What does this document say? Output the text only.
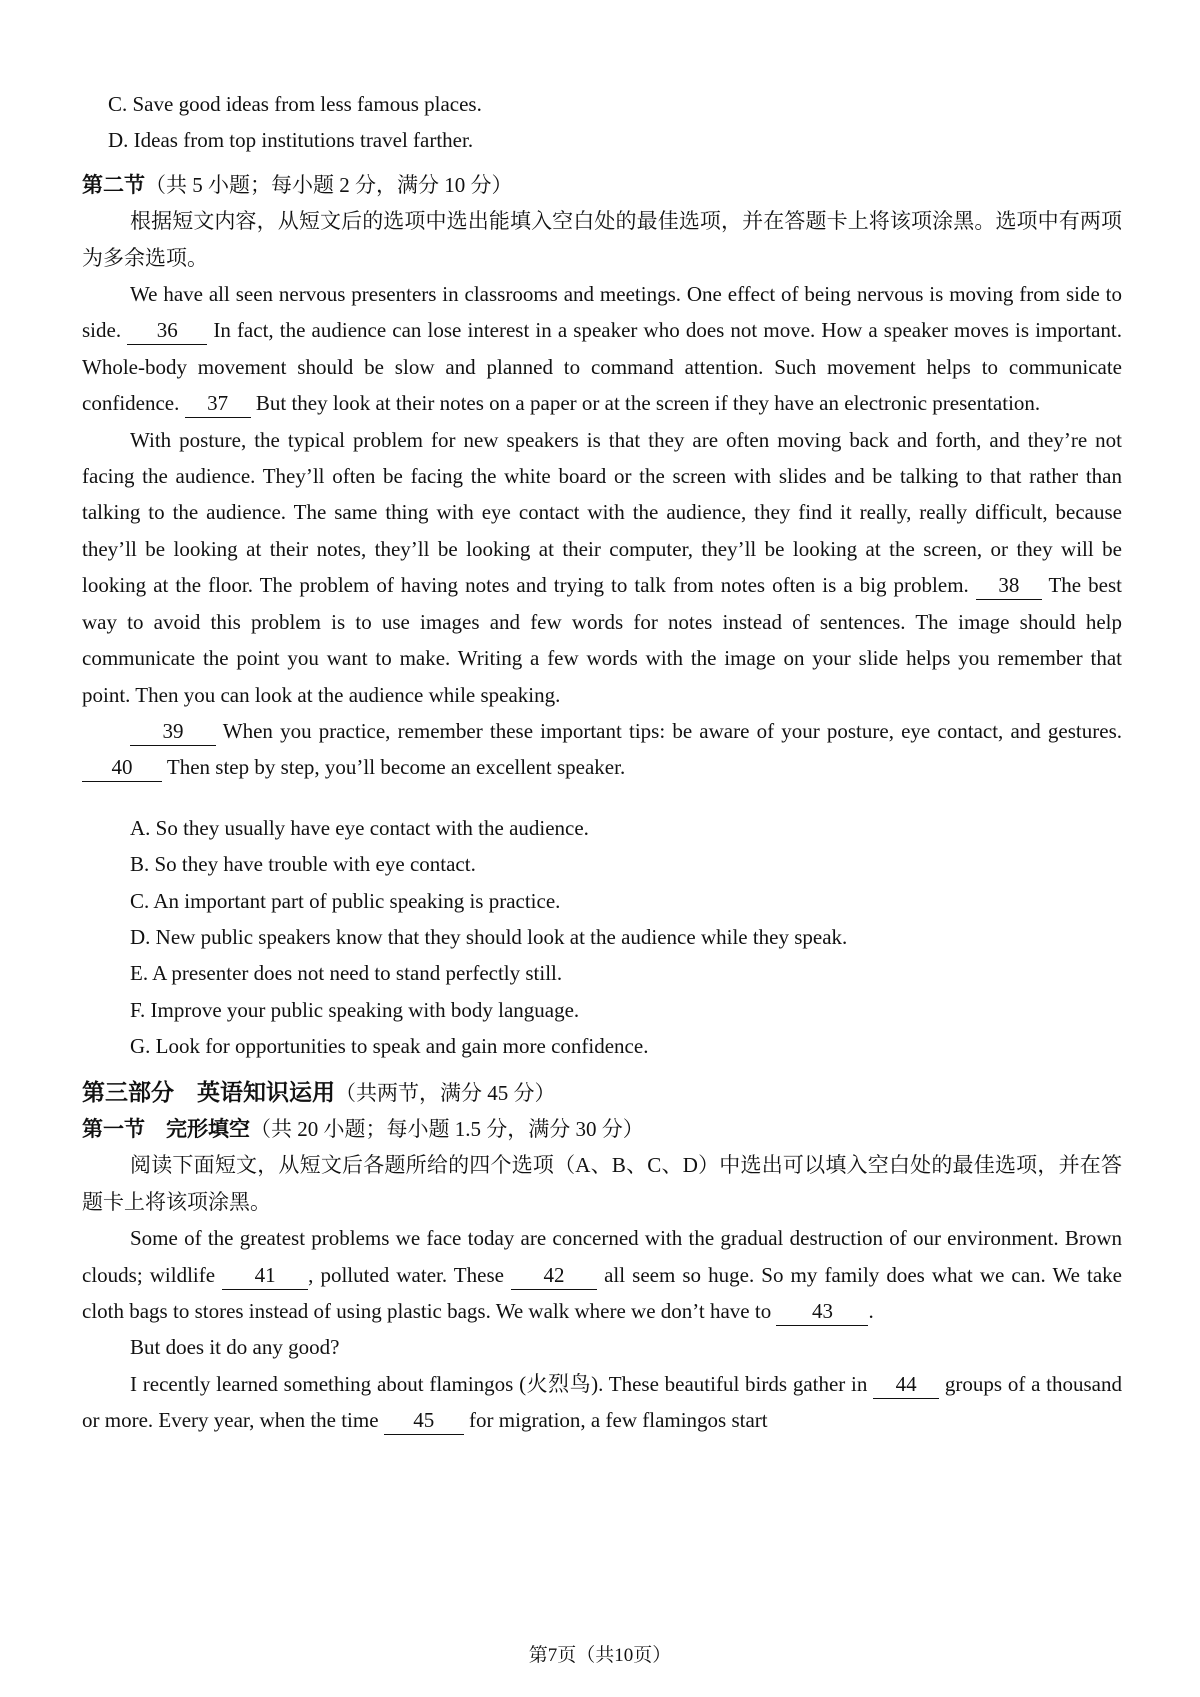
C. Save good ideas from less famous places.
D. Ideas from top institutions travel farther.
第二节（共 5 小题；每小题 2 分，满分 10 分）

根据短文内容，从短文后的选项中选出能填入空白处的最佳选项，并在答题卡上将该项涂黑。选项中有两项为多余选项。

We have all seen nervous presenters in classrooms and meetings. One effect of being nervous is moving from side to side. 36 In fact, the audience can lose interest in a speaker who does not move. How a speaker moves is important. Whole-body movement should be slow and planned to command attention. Such movement helps to communicate confidence. 37 But they look at their notes on a paper or at the screen if they have an electronic presentation.

With posture, the typical problem for new speakers is that they are often moving back and forth, and they’re not facing the audience. They’ll often be facing the white board or the screen with slides and be talking to that rather than talking to the audience. The same thing with eye contact with the audience, they find it really, really difficult, because they’ll be looking at their notes, they’ll be looking at their computer, they’ll be looking at the screen, or they will be looking at the floor. The problem of having notes and trying to talk from notes often is a big problem. 38 The best way to avoid this problem is to use images and few words for notes instead of sentences. The image should help communicate the point you want to make. Writing a few words with the image on your slide helps you remember that point. Then you can look at the audience while speaking.

39 When you practice, remember these important tips: be aware of your posture, eye contact, and gestures. 40 Then step by step, you’ll become an excellent speaker.

A. So they usually have eye contact with the audience.
B. So they have trouble with eye contact.
C. An important part of public speaking is practice.
D. New public speakers know that they should look at the audience while they speak.
E. A presenter does not need to stand perfectly still.
F. Improve your public speaking with body language.
G. Look for opportunities to speak and gain more confidence.
第三部分　英语知识运用（共两节，满分 45 分）
第一节　完形填空（共 20 小题；每小题 1.5 分，满分 30 分）

阅读下面短文，从短文后各题所给的四个选项（A、B、C、D）中选出可以填入空白处的最佳选项，并在答题卡上将该项涂黑。

Some of the greatest problems we face today are concerned with the gradual destruction of our environment. Brown clouds; wildlife 41 , polluted water. These 42 all seem so huge. So my family does what we can. We take cloth bags to stores instead of using plastic bags. We walk where we don’t have to 43 .

But does it do any good?

I recently learned something about flamingos (火烈鸟). These beautiful birds gather in 44 groups of a thousand or more. Every year, when the time 45 for migration, a few flamingos start

第7页（共10页）
